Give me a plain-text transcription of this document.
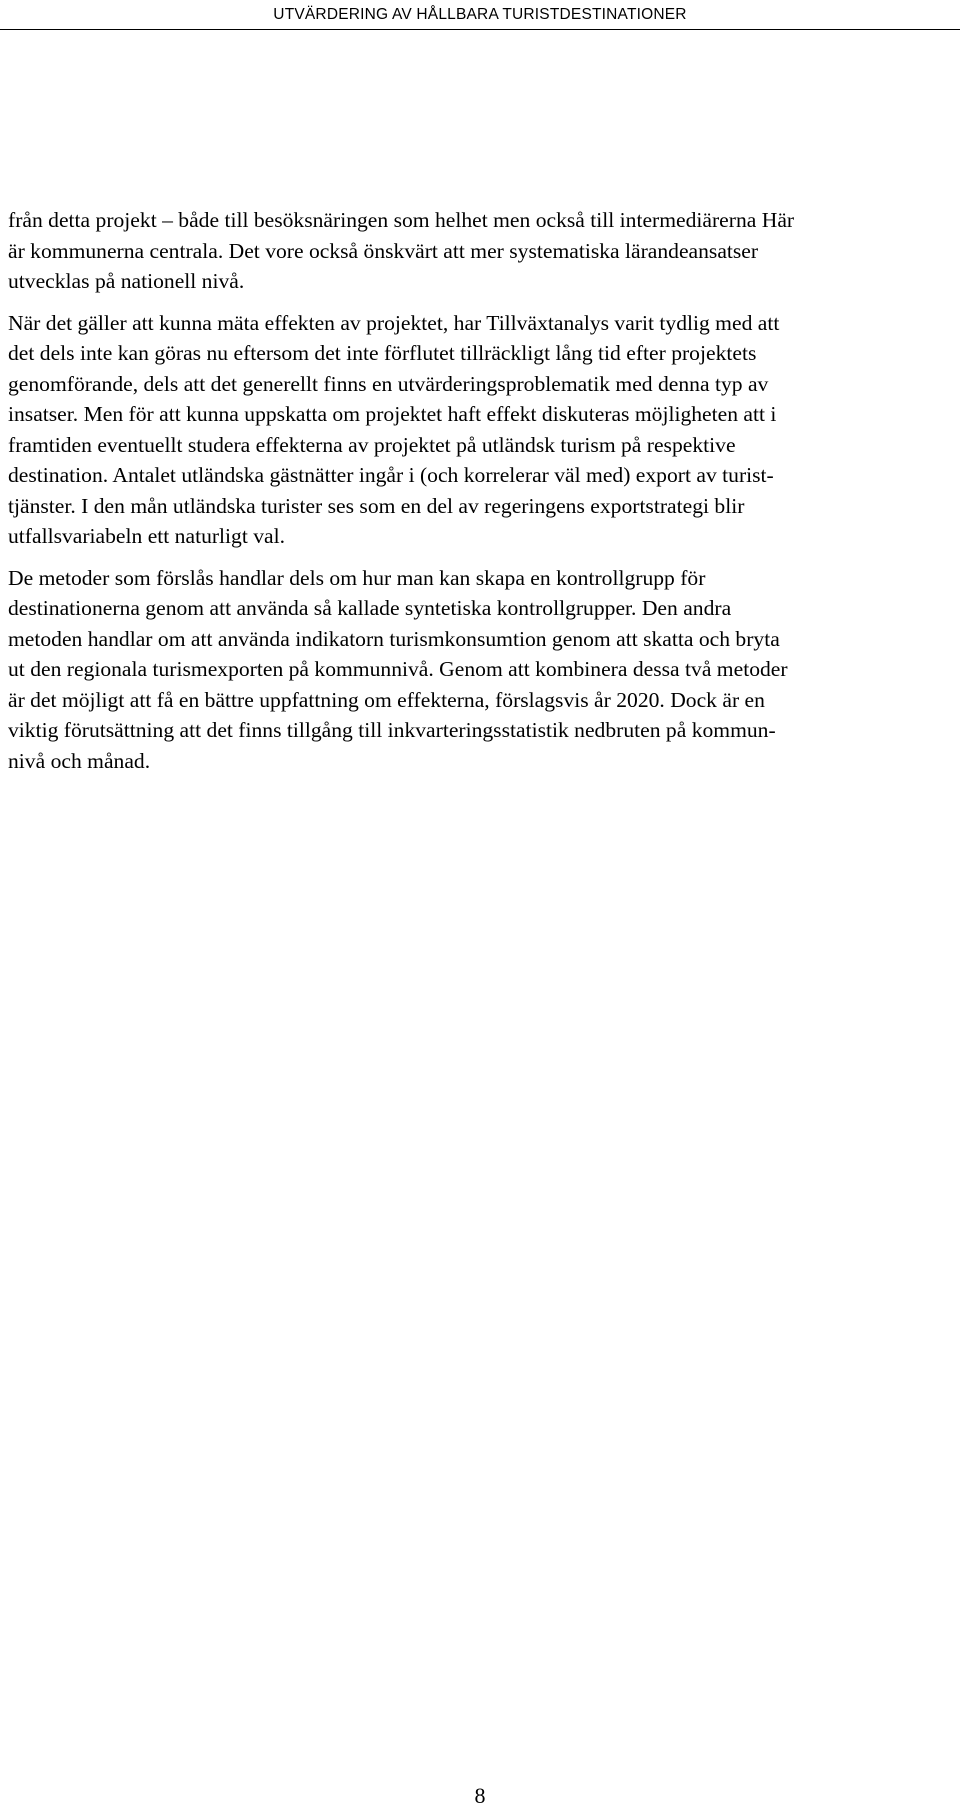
UTVÄRDERING AV HÅLLBARA TURISTDESTINATIONER
från detta projekt – både till besöksnäringen som helhet men också till intermediärerna Här
är kommunerna centrala. Det vore också önskvärt att mer systematiska lärandeansatser
utvecklas på nationell nivå.
När det gäller att kunna mäta effekten av projektet, har Tillväxtanalys varit tydlig med att
det dels inte kan göras nu eftersom det inte förflutet tillräckligt lång tid efter projektets
genomförande, dels att det generellt finns en utvärderingsproblematik med denna typ av
insatser. Men för att kunna uppskatta om projektet haft effekt diskuteras möjligheten att i
framtiden eventuellt studera effekterna av projektet på utländsk turism på respektive
destination. Antalet utländska gästnätter ingår i (och korrelerar väl med) export av turist-
tjänster. I den mån utländska turister ses som en del av regeringens exportstrategi blir
utfallsvariabeln ett naturligt val.
De metoder som förslås handlar dels om hur man kan skapa en kontrollgrupp för
destinationerna genom att använda så kallade syntetiska kontrollgrupper. Den andra
metoden handlar om att använda indikatorn turismkonsumtion genom att skatta och bryta
ut den regionala turismexporten på kommunnivå. Genom att kombinera dessa två metoder
är det möjligt att få en bättre uppfattning om effekterna, förslagsvis år 2020. Dock är en
viktig förutsättning att det finns tillgång till inkvarteringsstatistik nedbruten på kommun-
nivå och månad.
8
